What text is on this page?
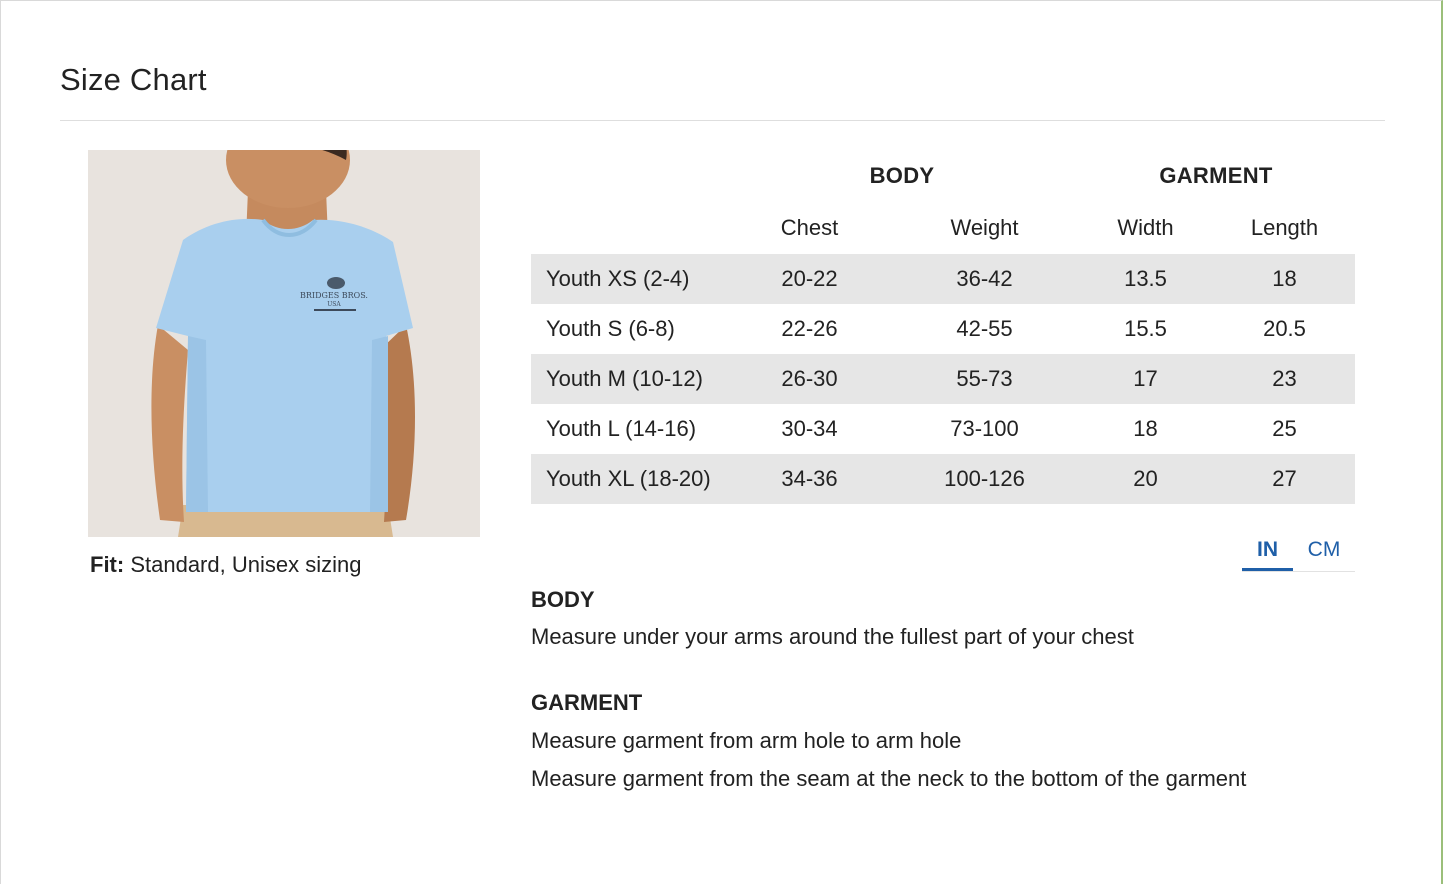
Size Chart
BRIDGES BROS.
USA
Fit: Standard, Unisex sizing
	BODY		GARMENT	
	Chest	Weight	Width	Length
Youth XS (2-4)	20-22	36-42	13.5	18
Youth S (6-8)	22-26	42-55	15.5	20.5
Youth M (10-12)	26-30	55-73	17	23
Youth L (14-16)	30-34	73-100	18	25
Youth XL (18-20)	34-36	100-126	20	27
IN	CM
BODY
Measure under your arms around the fullest part of your chest
GARMENT
Measure garment from arm hole to arm hole
Measure garment from the seam at the neck to the bottom of the garment
